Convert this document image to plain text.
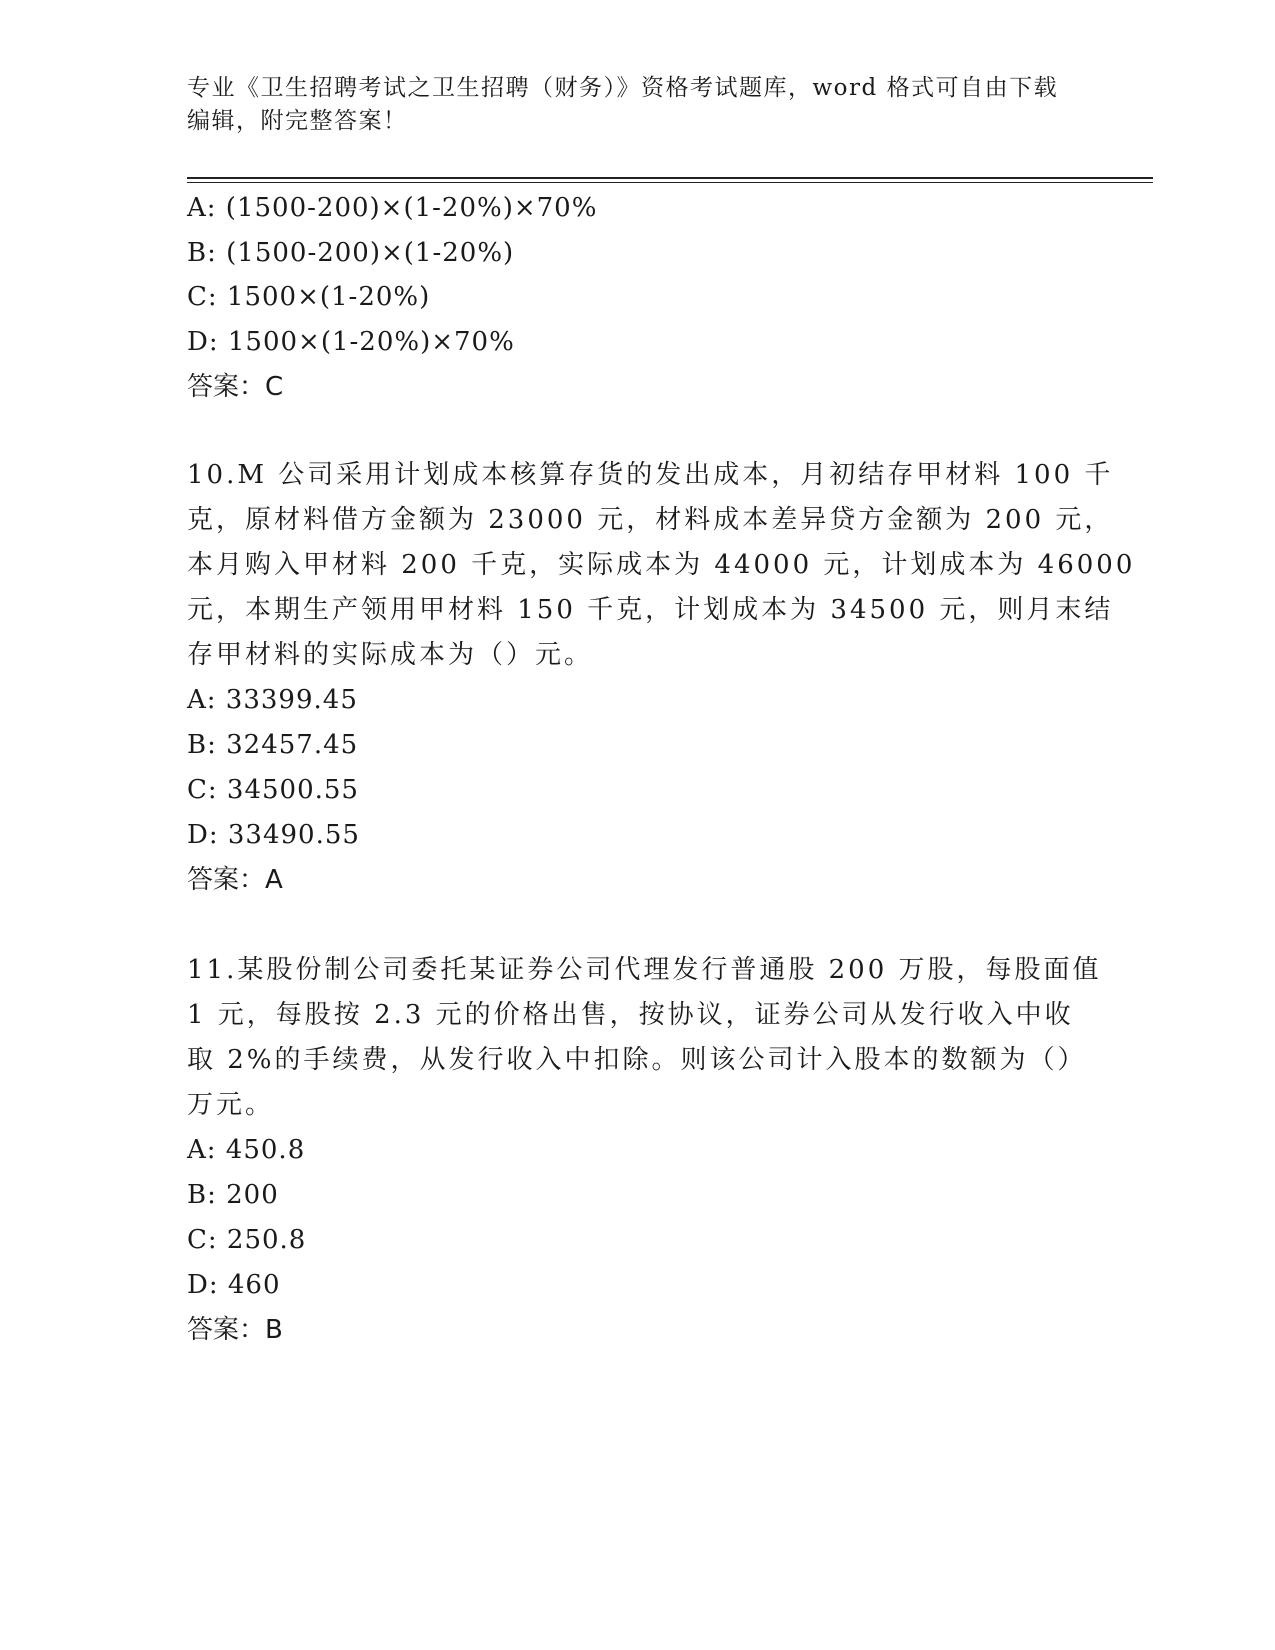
专业《卫生招聘考试之卫生招聘（财务）》资格考试题库，word 格式可自由下载
编辑，附完整答案！
A: (1500-200)×(1-20%)×70%
B: (1500-200)×(1-20%)
C: 1500×(1-20%)
D: 1500×(1-20%)×70%
答案：C
10.M 公司采用计划成本核算存货的发出成本，月初结存甲材料 100 千
克，原材料借方金额为 23000 元，材料成本差异贷方金额为 200 元，
本月购入甲材料 200 千克，实际成本为 44000 元，计划成本为 46000
元，本期生产领用甲材料 150 千克，计划成本为 34500 元，则月末结
存甲材料的实际成本为（）元。
A: 33399.45
B: 32457.45
C: 34500.55
D: 33490.55
答案：A
11.某股份制公司委托某证券公司代理发行普通股 200 万股，每股面值
1 元，每股按 2.3 元的价格出售，按协议，证券公司从发行收入中收
取 2%的手续费，从发行收入中扣除。则该公司计入股本的数额为（）
万元。
A: 450.8
B: 200
C: 250.8
D: 460
答案：B
